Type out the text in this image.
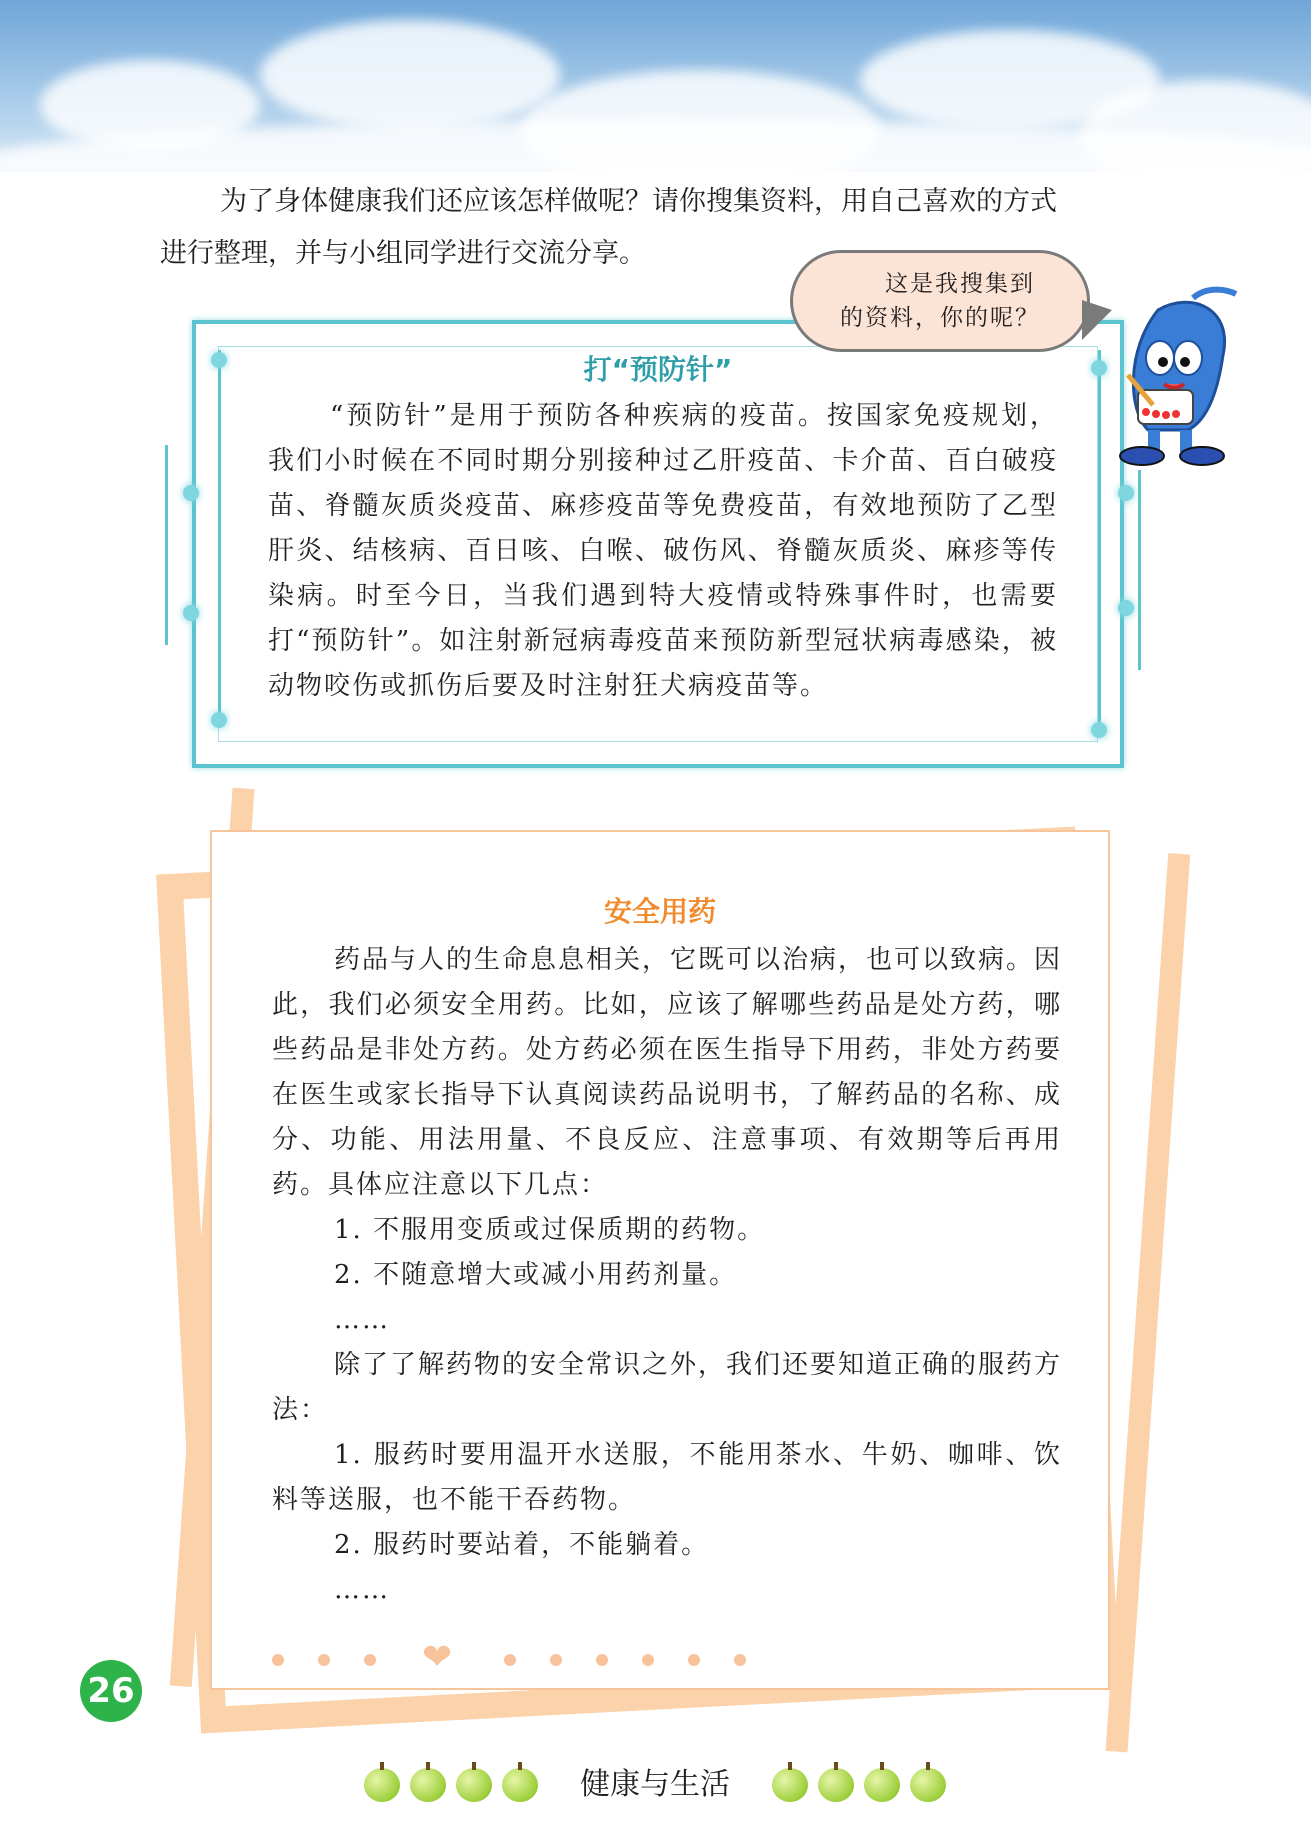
为了身体健康我们还应该怎样做呢？请你搜集资料，用自己喜欢的方式
进行整理，并与小组同学进行交流分享。

打“预防针”

“预防针”是用于预防各种疾病的疫苗。按国家免疫规划，我们小时候在不同时期分别接种过乙肝疫苗、卡介苗、百白破疫苗、脊髓灰质炎疫苗、麻疹疫苗等免费疫苗，有效地预防了乙型肝炎、结核病、百日咳、白喉、破伤风、脊髓灰质炎、麻疹等传染病。时至今日，当我们遇到特大疫情或特殊事件时，也需要打“预防针”。如注射新冠病毒疫苗来预防新型冠状病毒感染，被动物咬伤或抓伤后要及时注射狂犬病疫苗等。

这是我搜集到
的资料，你的呢？
安全用药

药品与人的生命息息相关，它既可以治病，也可以致病。因此，我们必须安全用药。比如，应该了解哪些药品是处方药，哪些药品是非处方药。处方药必须在医生指导下用药，非处方药要在医生或家长指导下认真阅读药品说明书，了解药品的名称、成分、功能、用法用量、不良反应、注意事项、有效期等后再用药。具体应注意以下几点：

1. 不服用变质或过保质期的药物。

2. 不随意增大或减小用药剂量。

……

除了了解药物的安全常识之外，我们还要知道正确的服药方法：

1. 服药时要用温开水送服，不能用茶水、牛奶、咖啡、饮料等送服，也不能干吞药物。

2. 服药时要站着，不能躺着。

……

❤
26
健康与生活
